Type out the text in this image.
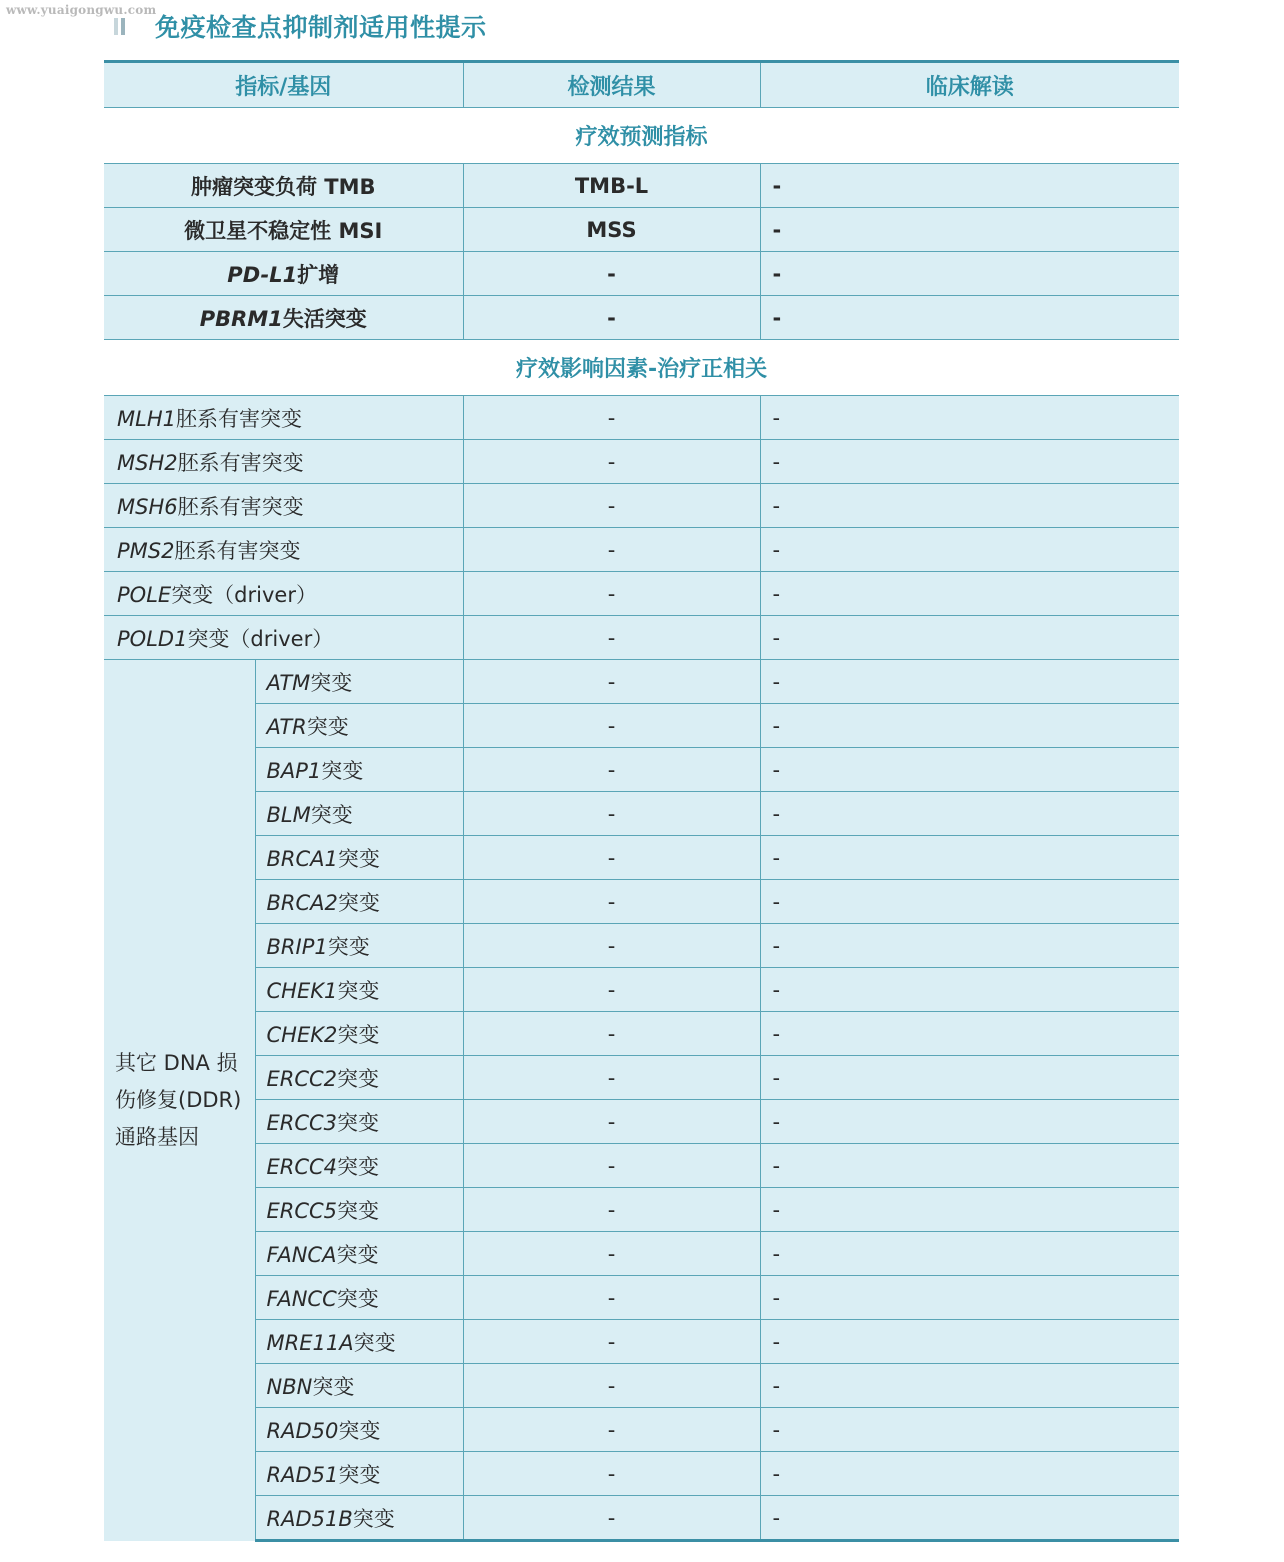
www.yuaigongwu.com
免疫检查点抑制剂适用性提示
指标/基因		检测结果	临床解读
疗效预测指标			
肿瘤突变负荷 TMB		TMB-L	-
微卫星不稳定性 MSI		MSS	-
PD-L1扩增		-	-
PBRM1失活突变		-	-
疗效影响因素-治疗正相关			
MLH1胚系有害突变		-	-
MSH2胚系有害突变		-	-
MSH6胚系有害突变		-	-
PMS2胚系有害突变		-	-
POLE突变（driver）		-	-
POLD1突变（driver）		-	-

其它 DNA 损
伤修复(DDR)
通路基因	ATM突变	-	-
	ATR突变	-	-
	BAP1突变	-	-
	BLM突变	-	-
	BRCA1突变	-	-
	BRCA2突变	-	-
	BRIP1突变	-	-
	CHEK1突变	-	-
	CHEK2突变	-	-
	ERCC2突变	-	-
	ERCC3突变	-	-
	ERCC4突变	-	-
	ERCC5突变	-	-
	FANCA突变	-	-
	FANCC突变	-	-
	MRE11A突变	-	-
	NBN突变	-	-
	RAD50突变	-	-
	RAD51突变	-	-
	RAD51B突变	-	-
